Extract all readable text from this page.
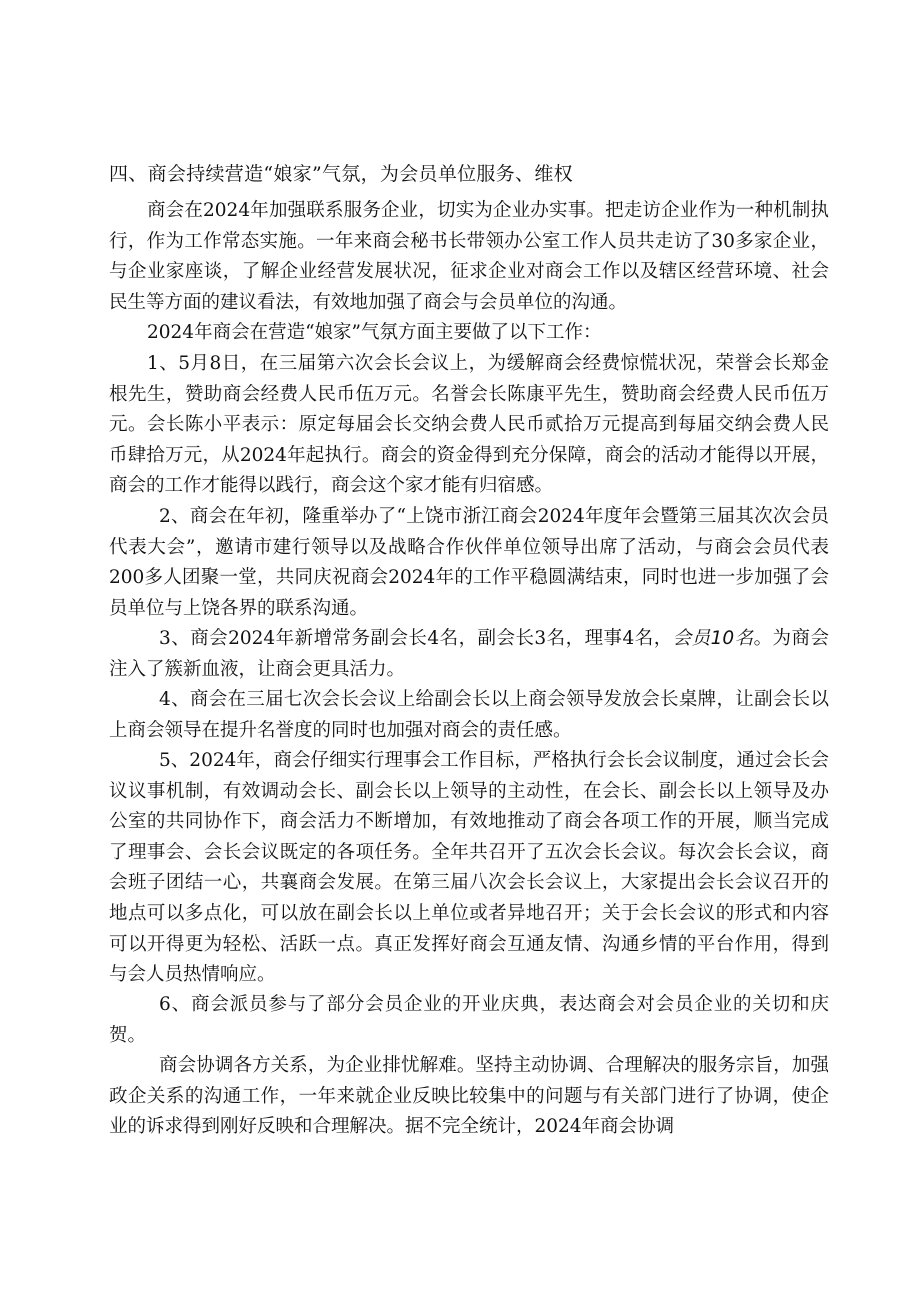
四、商会持续营造“娘家”气氛，为会员单位服务、维权

商会在2024年加强联系服务企业，切实为企业办实事。把走访企业作为一种机制执行，作为工作常态实施。一年来商会秘书长带领办公室工作人员共走访了30多家企业，与企业家座谈，了解企业经营发展状况，征求企业对商会工作以及辖区经营环境、社会民生等方面的建议看法，有效地加强了商会与会员单位的沟通。

2024年商会在营造“娘家”气氛方面主要做了以下工作：

1、5月8日，在三届第六次会长会议上，为缓解商会经费惊慌状况，荣誉会长郑金根先生，赞助商会经费人民币伍万元。名誉会长陈康平先生，赞助商会经费人民币伍万元。会长陈小平表示：原定每届会长交纳会费人民币贰拾万元提高到每届交纳会费人民币肆拾万元，从2024年起执行。商会的资金得到充分保障，商会的活动才能得以开展，商会的工作才能得以践行，商会这个家才能有归宿感。

2、商会在年初，隆重举办了“上饶市浙江商会2024年度年会暨第三届其次次会员代表大会”，邀请市建行领导以及战略合作伙伴单位领导出席了活动，与商会会员代表200多人团聚一堂，共同庆祝商会2024年的工作平稳圆满结束，同时也进一步加强了会员单位与上饶各界的联系沟通。

3、商会2024年新增常务副会长4名，副会长3名，理事4名，会员10名。为商会注入了簇新血液，让商会更具活力。

4、商会在三届七次会长会议上给副会长以上商会领导发放会长桌牌，让副会长以上商会领导在提升名誉度的同时也加强对商会的责任感。

5、2024年，商会仔细实行理事会工作目标，严格执行会长会议制度，通过会长会议议事机制，有效调动会长、副会长以上领导的主动性，在会长、副会长以上领导及办公室的共同协作下，商会活力不断增加，有效地推动了商会各项工作的开展，顺当完成了理事会、会长会议既定的各项任务。全年共召开了五次会长会议。每次会长会议，商会班子团结一心，共襄商会发展。在第三届八次会长会议上，大家提出会长会议召开的地点可以多点化，可以放在副会长以上单位或者异地召开；关于会长会议的形式和内容可以开得更为轻松、活跃一点。真正发挥好商会互通友情、沟通乡情的平台作用，得到与会人员热情响应。

6、商会派员参与了部分会员企业的开业庆典，表达商会对会员企业的关切和庆贺。

商会协调各方关系，为企业排忧解难。坚持主动协调、合理解决的服务宗旨，加强政企关系的沟通工作，一年来就企业反映比较集中的问题与有关部门进行了协调，使企业的诉求得到刚好反映和合理解决。据不完全统计，2024年商会协调
